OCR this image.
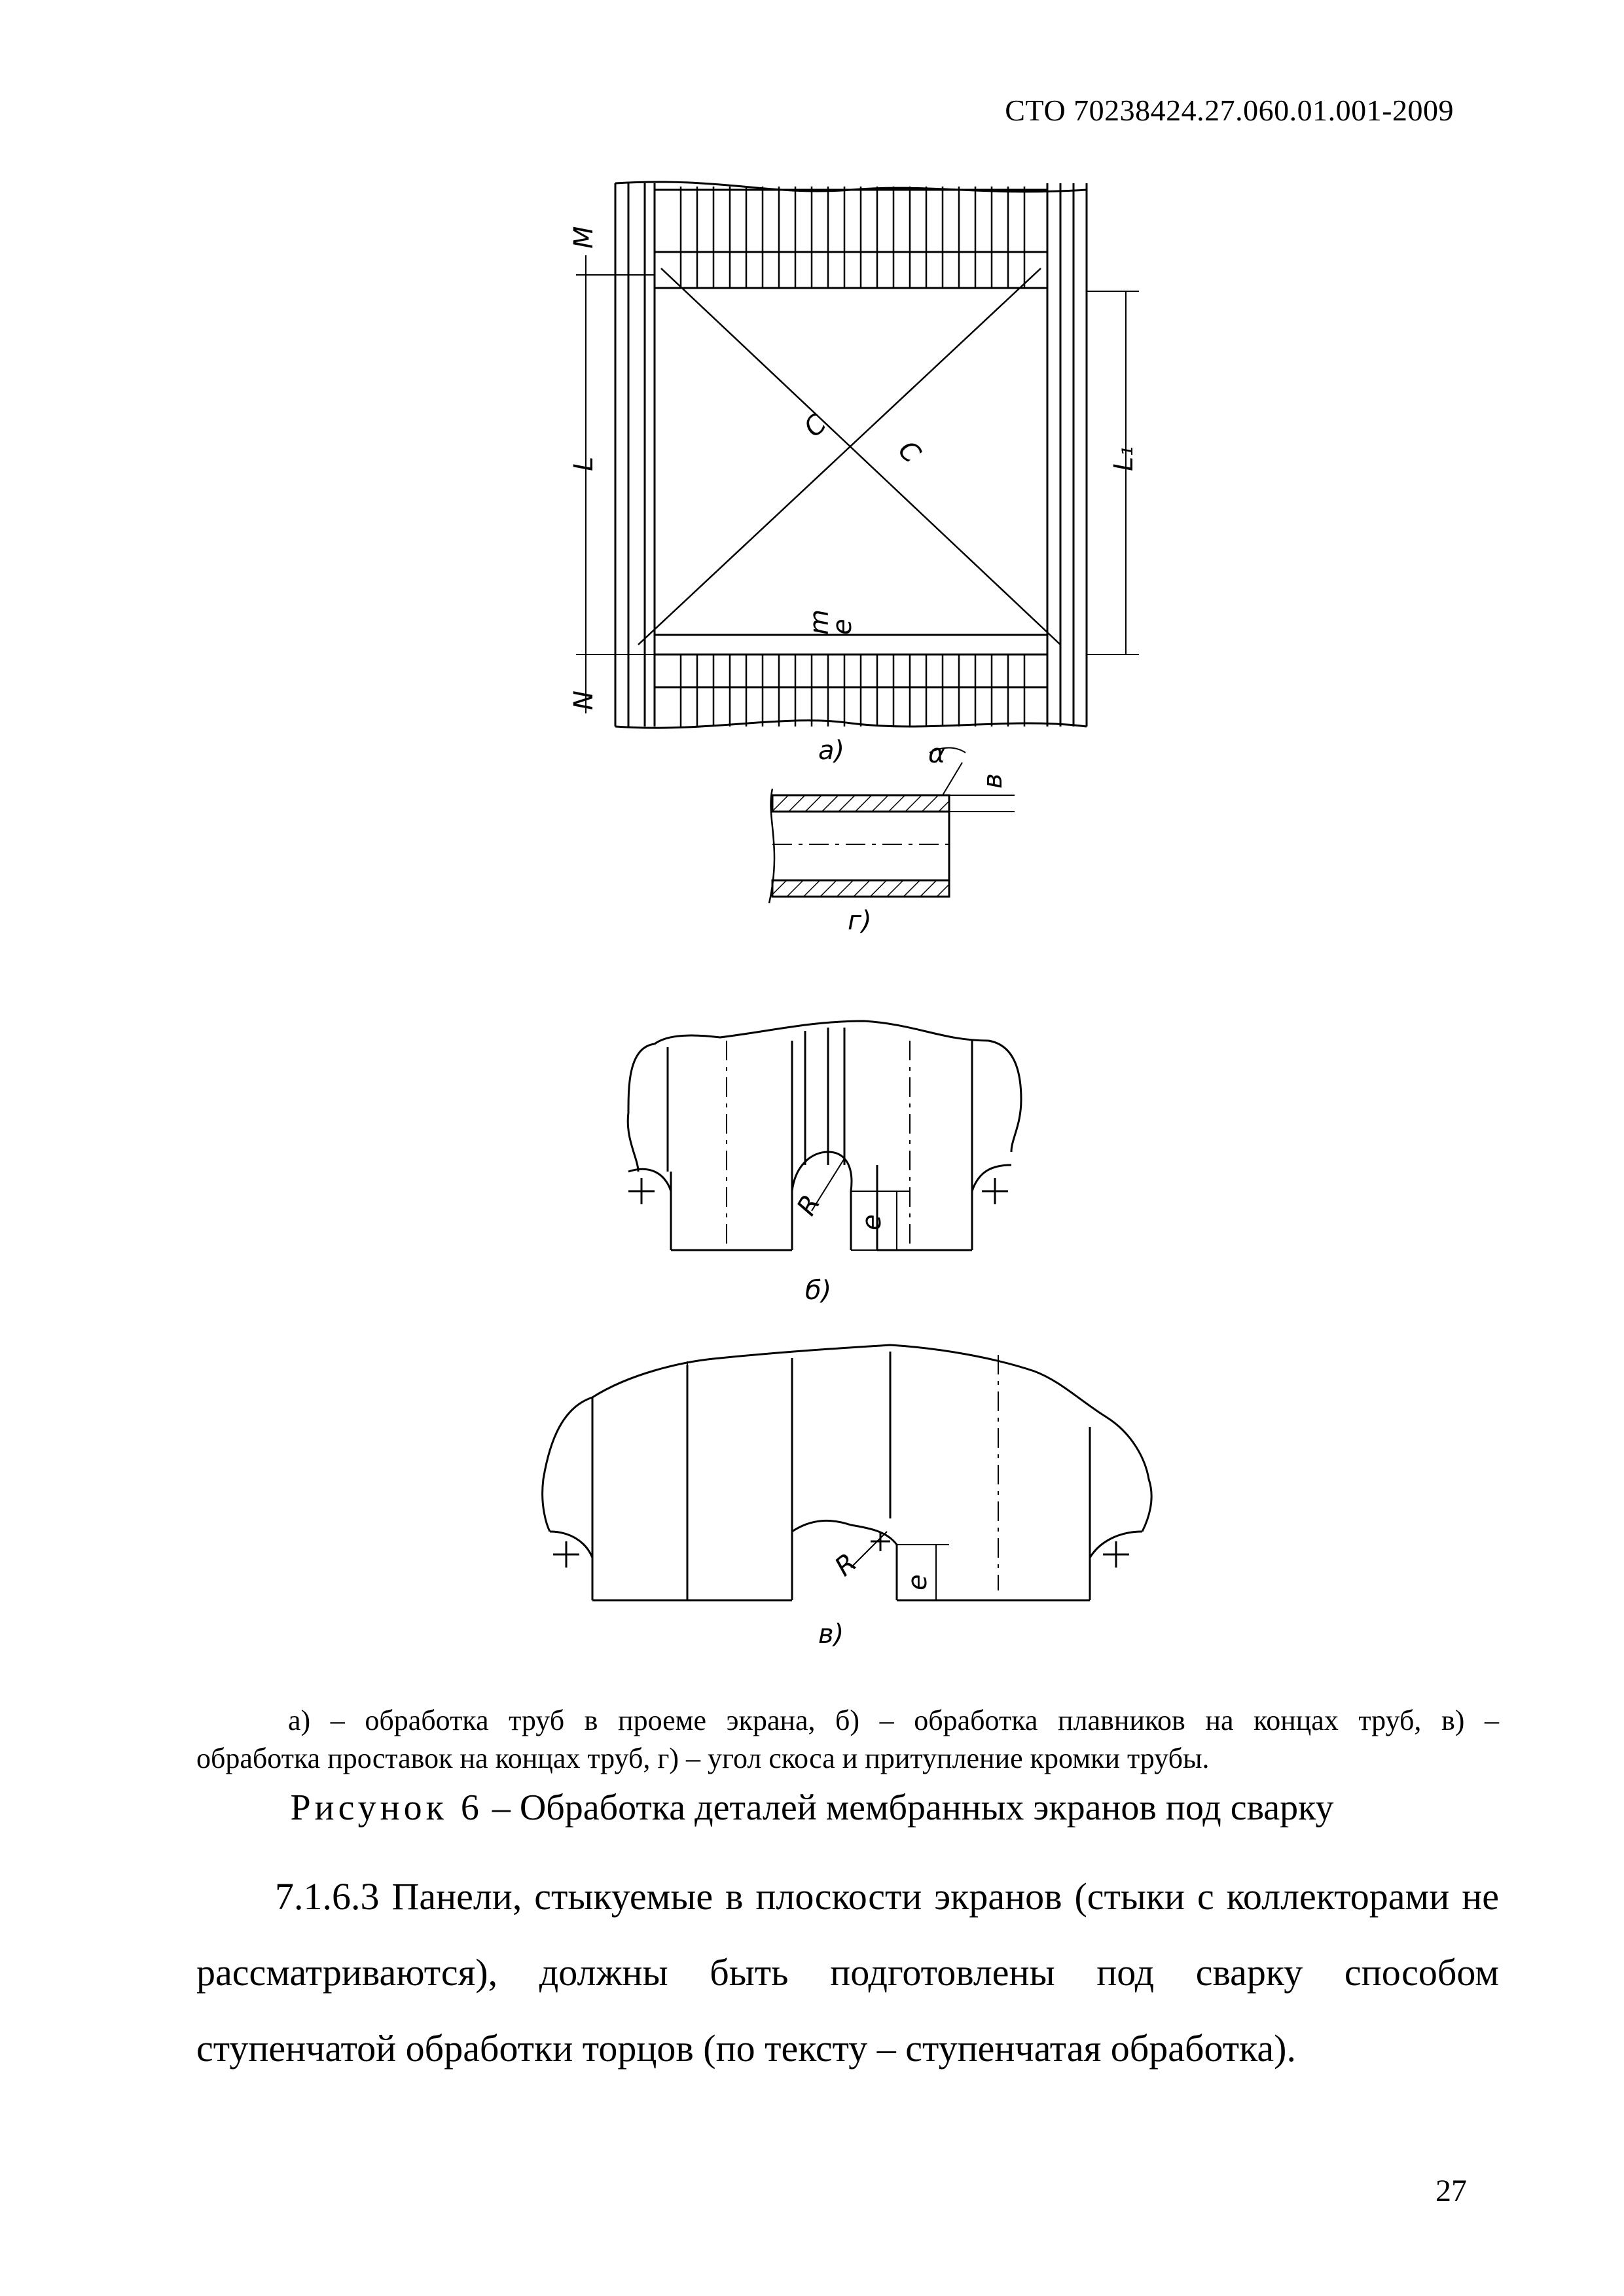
СТО 70238424.27.060.01.001-2009
M
N
L	L₁
C
C
m
e
а)	α
в
г)
R
e
б)
R
e
в)
а) – обработка труб в проеме экрана, б) – обработка плавников на концах труб, в) –
обработка проставок на концах труб, г) – угол скоса и притупление кромки трубы.
Рисунок 6 – Обработка деталей мембранных экранов под сварку
7.1.6.3 Панели, стыкуемые в плоскости экранов (стыки с коллекторами не
рассматриваются), должны быть подготовлены под сварку способом
ступенчатой обработки торцов (по тексту – ступенчатая обработка).
27
